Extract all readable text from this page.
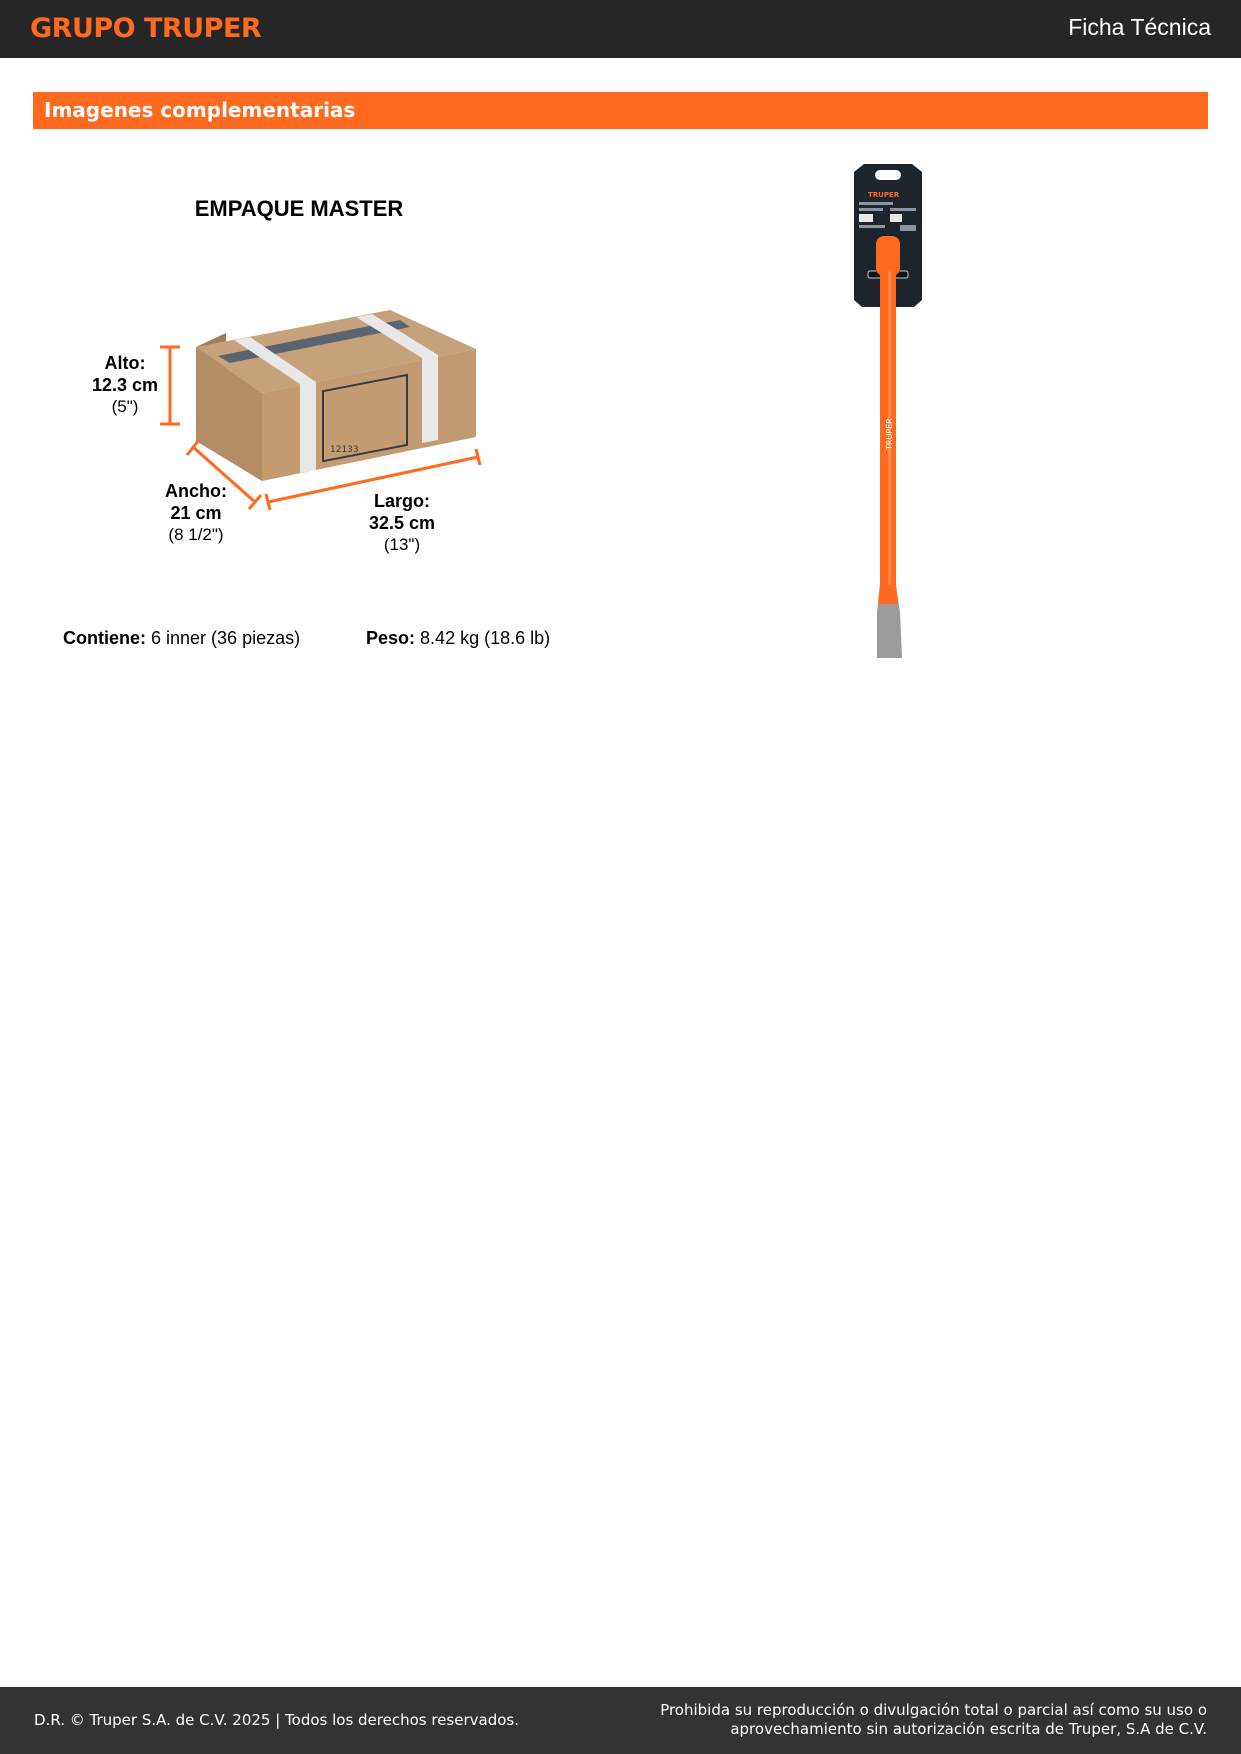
GRUPO TRUPER	Ficha Técnica
Imagenes complementarias
EMPAQUE MASTER
12133
Alto:
12.3 cm
(5")
Ancho:
21 cm
(8 1/2")
Largo:
32.5 cm
(13")
Contiene: 6 inner (36 piezas)	Peso: 8.42 kg (18.6 lb)
TRUPER
TRUPER
D.R. © Truper S.A. de C.V. 2025 | Todos los derechos reservados.
Prohibida su reproducción o divulgación total o parcial así como su uso o aprovechamiento sin autorización escrita de Truper, S.A de C.V.
